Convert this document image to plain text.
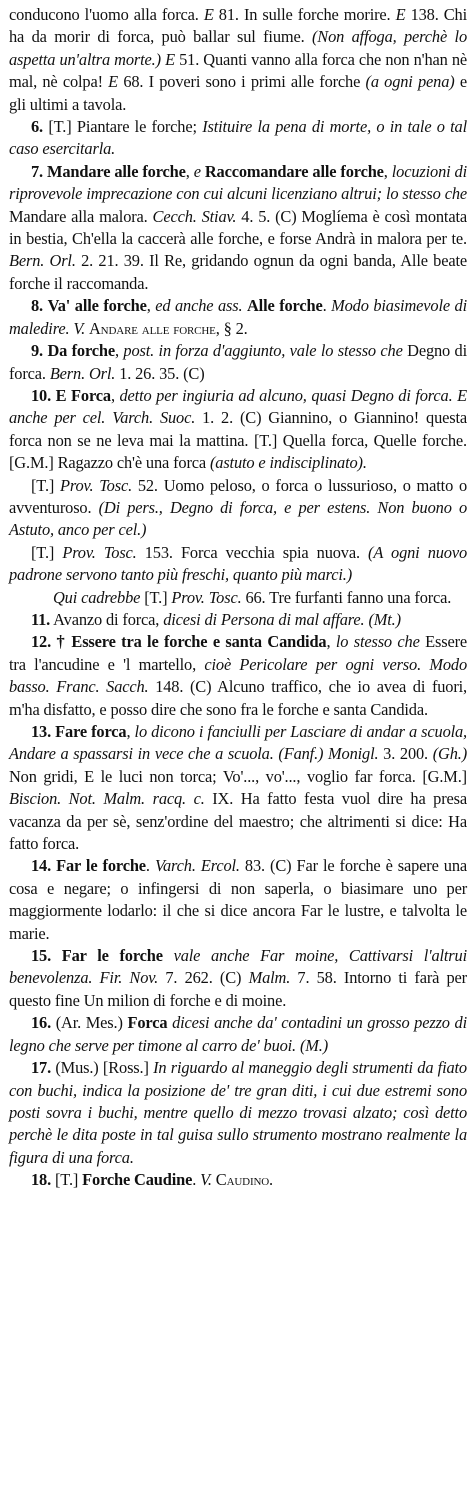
conducono l'uomo alla forca. E 81. In sulle forche morire. E 138. Chi ha da morir di forca, può ballar sul fiume. (Non affoga, perchè lo aspetta un'altra morte.) E 51. Quanti vanno alla forca che non n'han nè mal, nè colpa! E 68. I poveri sono i primi alle forche (a ogni pena) e gli ultimi a tavola.

6. [T.] Piantare le forche; Istituire la pena di morte, o in tale o tal caso esercitarla.

7. Mandare alle forche, e Raccomandare alle forche, locuzioni di riprovevole imprecazione con cui alcuni licenziano altrui; lo stesso che Mandare alla malora. Cecch. Stiav. 4. 5. (C) Moglíema è così montata in bestia, Ch'ella la caccerà alle forche, e forse Andrà in malora per te. Bern. Orl. 2. 21. 39. Il Re, gridando ognun da ogni banda, Alle beate forche il raccomanda.

8. Va' alle forche, ed anche ass. Alle forche. Modo biasimevole di maledire. V. Andare alle forche, § 2.

9. Da forche, post. in forza d'aggiunto, vale lo stesso che Degno di forca. Bern. Orl. 1. 26. 35. (C)

10. E Forca, detto per ingiuria ad alcuno, quasi Degno di forca. E anche per cel. Varch. Suoc. 1. 2. (C) Giannino, o Giannino! questa forca non se ne leva mai la mattina. [T.] Quella forca, Quelle forche. [G.M.] Ragazzo ch'è una forca (astuto e indisciplinato).

[T.] Prov. Tosc. 52. Uomo peloso, o forca o lussurioso, o matto o avventuroso. (Di pers., Degno di forca, e per estens. Non buono o Astuto, anco per cel.)

[T.] Prov. Tosc. 153. Forca vecchia spia nuova. (A ogni nuovo padrone servono tanto più freschi, quanto più marci.)

Qui cadrebbe [T.] Prov. Tosc. 66. Tre furfanti fanno una forca.

11. Avanzo di forca, dicesi di Persona di mal affare. (Mt.)

12. † Essere tra le forche e santa Candida, lo stesso che Essere tra l'ancudine e 'l martello, cioè Pericolare per ogni verso. Modo basso. Franc. Sacch. 148. (C) Alcuno traffico, che io avea di fuori, m'ha disfatto, e posso dire che sono fra le forche e santa Candida.

13. Fare forca, lo dicono i fanciulli per Lasciare di andar a scuola, Andare a spassarsi in vece che a scuola. (Fanf.) Monigl. 3. 200. (Gh.) Non gridi, E le luci non torca; Vo'..., vo'..., voglio far forca. [G.M.] Biscion. Not. Malm. racq. c. IX. Ha fatto festa vuol dire ha presa vacanza da per sè, senz'ordine del maestro; che altrimenti si dice: Ha fatto forca.

14. Far le forche. Varch. Ercol. 83. (C) Far le forche è sapere una cosa e negare; o infingersi di non saperla, o biasimare uno per maggiormente lodarlo: il che si dice ancora Far le lustre, e talvolta le marie.

15. Far le forche vale anche Far moine, Cattivarsi l'altrui benevolenza. Fir. Nov. 7. 262. (C) Malm. 7. 58. Intorno ti farà per questo fine Un milion di forche e di moine.

16. (Ar. Mes.) Forca dicesi anche da' contadini un grosso pezzo di legno che serve per timone al carro de' buoi. (M.)

17. (Mus.) [Ross.] In riguardo al maneggio degli strumenti da fiato con buchi, indica la posizione de' tre gran diti, i cui due estremi sono posti sovra i buchi, mentre quello di mezzo trovasi alzato; così detto perchè le dita poste in tal guisa sullo strumento mostrano realmente la figura di una forca.

18. [T.] Forche Caudine. V. Caudino.
